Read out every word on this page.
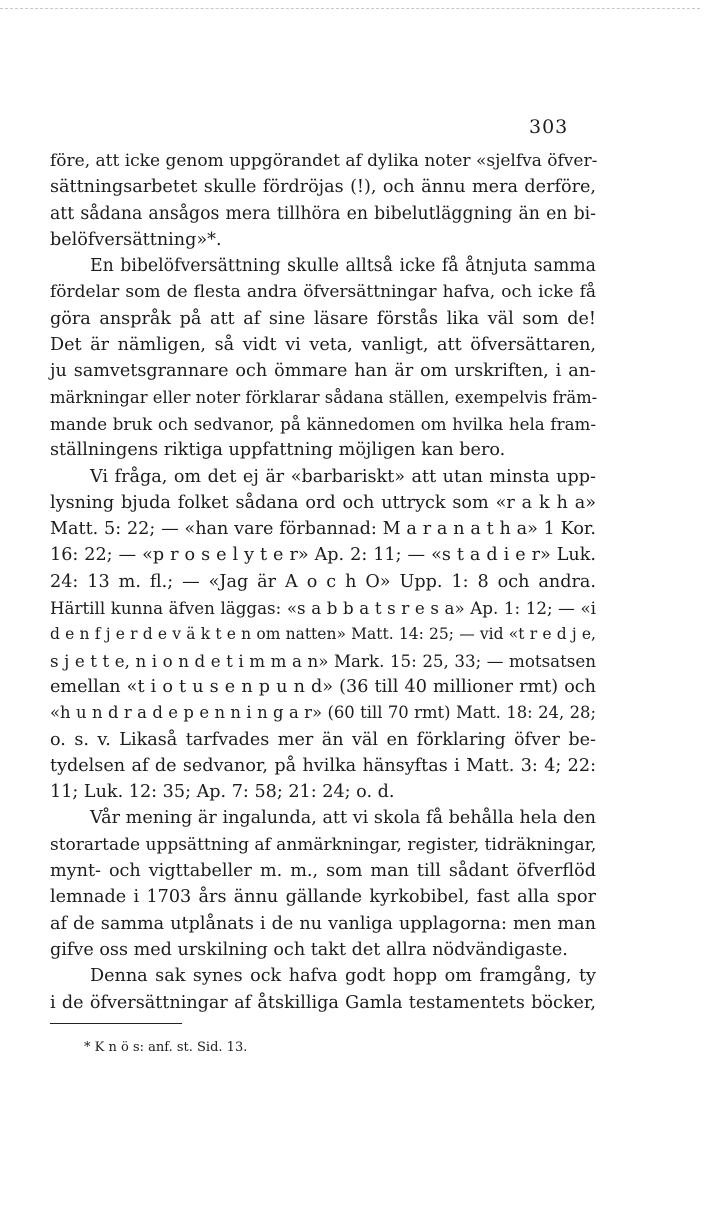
303
före, att icke genom uppgörandet af dylika noter «sjelfva öfver-
sättningsarbetet skulle fördröjas (!), och ännu mera derföre,
att sådana ansågos mera tillhöra en bibelutläggning än en bi-
belöfversättning»*.
En bibelöfversättning skulle alltså icke få åtnjuta samma
fördelar som de flesta andra öfversättningar hafva, och icke få
göra anspråk på att af sine läsare förstås lika väl som de!
Det är nämligen, så vidt vi veta, vanligt, att öfversättaren,
ju samvetsgrannare och ömmare han är om urskriften, i an-
märkningar eller noter förklarar sådana ställen, exempelvis främ-
mande bruk och sedvanor, på kännedomen om hvilka hela fram-
ställningens riktiga uppfattning möjligen kan bero.
Vi fråga, om det ej är «barbariskt» att utan minsta upp-
lysning bjuda folket sådana ord och uttryck som «r a k h a»
Matt. 5: 22; — «han vare förbannad: M a r a n a t h a» 1 Kor.
16: 22; — «p r o s e l y t e r» Ap. 2: 11; — «s t a d i e r» Luk.
24: 13 m. fl.; — «Jag är A o c h O» Upp. 1: 8 och andra.
Härtill kunna äfven läggas: «s a b b a t s r e s a» Ap. 1: 12; — «i
d e n f j e r d e v ä k t e n om natten» Matt. 14: 25; — vid «t r e d j e,
s j e t t e, n i o n d e t i m m a n» Mark. 15: 25, 33; — motsatsen
emellan «t i o t u s e n p u n d» (36 till 40 millioner rmt) och
«h u n d r a d e p e n n i n g a r» (60 till 70 rmt) Matt. 18: 24, 28;
o. s. v. Likaså tarfvades mer än väl en förklaring öfver be-
tydelsen af de sedvanor, på hvilka hänsyftas i Matt. 3: 4; 22:
11; Luk. 12: 35; Ap. 7: 58; 21: 24; o. d.
Vår mening är ingalunda, att vi skola få behålla hela den
storartade uppsättning af anmärkningar, register, tidräkningar,
mynt- och vigttabeller m. m., som man till sådant öfverflöd
lemnade i 1703 års ännu gällande kyrkobibel, fast alla spor
af de samma utplånats i de nu vanliga upplagorna: men man
gifve oss med urskilning och takt det allra nödvändigaste.
Denna sak synes ock hafva godt hopp om framgång, ty
i de öfversättningar af åtskilliga Gamla testamentets böcker,
* K n ö s: anf. st. Sid. 13.
